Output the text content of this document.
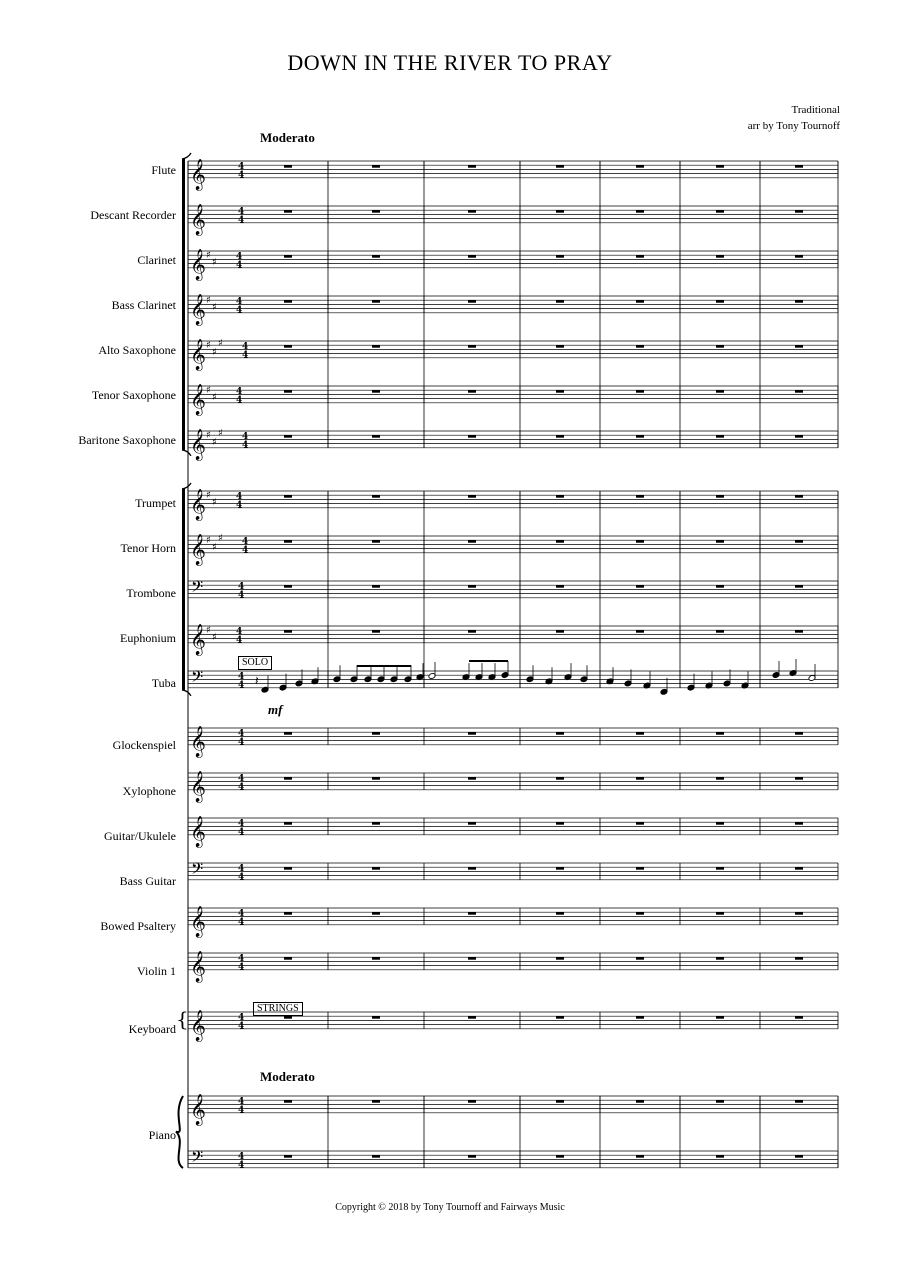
DOWN IN THE RIVER TO PRAY
Traditional
arr by Tony Tournoff
Moderato
Moderato
Flute
Descant Recorder
Clarinet
Bass Clarinet
Alto Saxophone
Tenor Saxophone
Baritone Saxophone
Trumpet
Tenor Horn
Trombone
Euphonium
Tuba
Glockenspiel
Xylophone
Guitar/Ukulele
Bass Guitar
Bowed Psaltery
Violin 1
Keyboard
Piano
SOLO
mf
STRINGS
𝄞	4
4
𝄞	4
4
𝄞 ♯
♯ 4
4
𝄞 ♯
♯ 4
4
𝄞 ♯
♯
♯ 4
4
𝄞 ♯
♯ 4
4
𝄞 ♯
♯
♯ 4
4
𝄞 ♯
♯ 4
4
𝄞 ♯
♯
♯ 4
4
𝄢	4
4
𝄞 ♯
♯ 4
4
𝄢	4
4 𝄽
𝄞	4
4
𝄞	4
4
𝄞	4
4
𝄢	4
4
𝄞	4
4
𝄞	4
4
𝄞	4
4
𝄞	4
4
𝄢	4
4
{
Copyright © 2018 by Tony Tournoff and Fairways Music
